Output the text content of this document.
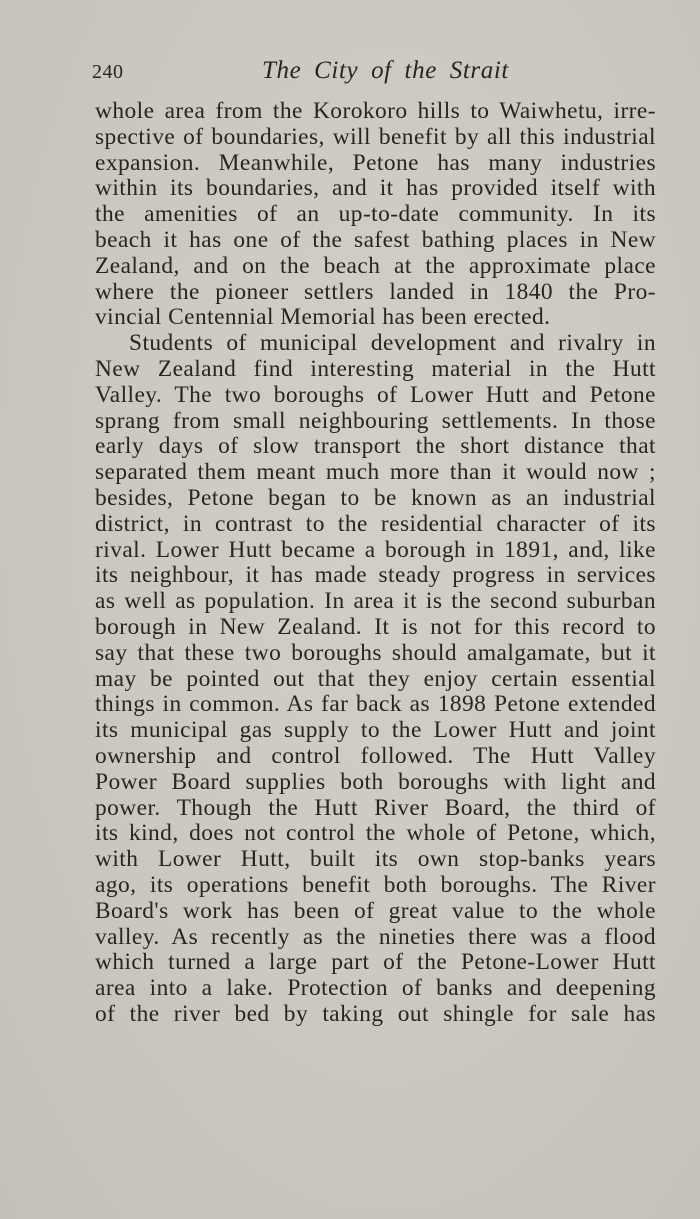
240	The City of the Strait
whole area from the Korokoro hills to Waiwhetu, irre-
spective of boundaries, will benefit by all this industrial
expansion. Meanwhile, Petone has many industries
within its boundaries, and it has provided itself with
the amenities of an up-to-date community. In its
beach it has one of the safest bathing places in New
Zealand, and on the beach at the approximate place
where the pioneer settlers landed in 1840 the Pro-
vincial Centennial Memorial has been erected.
Students of municipal development and rivalry in
New Zealand find interesting material in the Hutt
Valley. The two boroughs of Lower Hutt and Petone
sprang from small neighbouring settlements. In those
early days of slow transport the short distance that
separated them meant much more than it would now ;
besides, Petone began to be known as an industrial
district, in contrast to the residential character of its
rival. Lower Hutt became a borough in 1891, and, like
its neighbour, it has made steady progress in services
as well as population. In area it is the second suburban
borough in New Zealand. It is not for this record to
say that these two boroughs should amalgamate, but it
may be pointed out that they enjoy certain essential
things in common. As far back as 1898 Petone extended
its municipal gas supply to the Lower Hutt and joint
ownership and control followed. The Hutt Valley
Power Board supplies both boroughs with light and
power. Though the Hutt River Board, the third of
its kind, does not control the whole of Petone, which,
with Lower Hutt, built its own stop-banks years
ago, its operations benefit both boroughs. The River
Board's work has been of great value to the whole
valley. As recently as the nineties there was a flood
which turned a large part of the Petone-Lower Hutt
area into a lake. Protection of banks and deepening
of the river bed by taking out shingle for sale has
